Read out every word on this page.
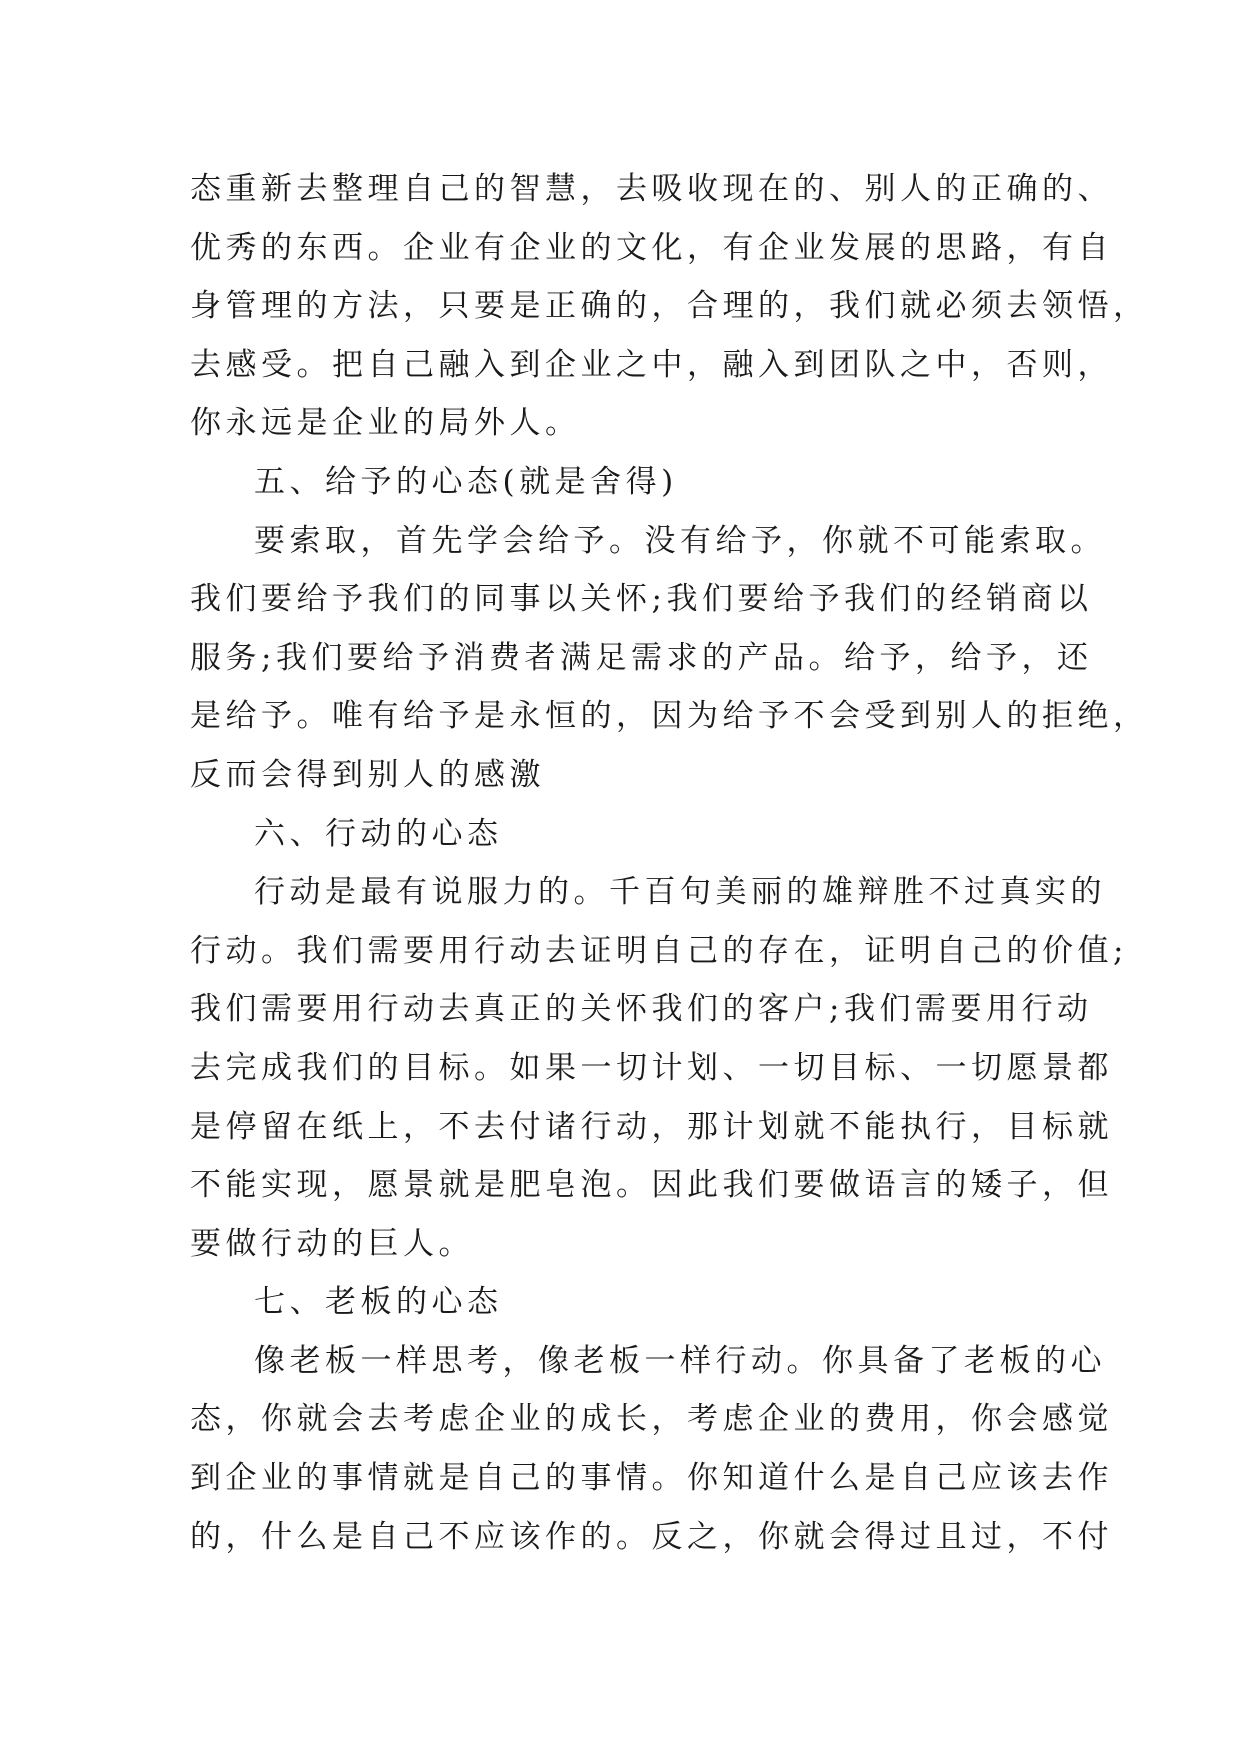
态重新去整理自己的智慧，去吸收现在的、别人的正确的、
优秀的东西。企业有企业的文化，有企业发展的思路，有自
身管理的方法，只要是正确的，合理的，我们就必须去领悟，
去感受。把自己融入到企业之中，融入到团队之中，否则，
你永远是企业的局外人。
五、给予的心态(就是舍得)
要索取，首先学会给予。没有给予，你就不可能索取。
我们要给予我们的同事以关怀;我们要给予我们的经销商以
服务;我们要给予消费者满足需求的产品。给予，给予，还
是给予。唯有给予是永恒的，因为给予不会受到别人的拒绝，
反而会得到别人的感激
六、行动的心态
行动是最有说服力的。千百句美丽的雄辩胜不过真实的
行动。我们需要用行动去证明自己的存在，证明自己的价值;
我们需要用行动去真正的关怀我们的客户;我们需要用行动
去完成我们的目标。如果一切计划、一切目标、一切愿景都
是停留在纸上，不去付诸行动，那计划就不能执行，目标就
不能实现，愿景就是肥皂泡。因此我们要做语言的矮子，但
要做行动的巨人。
七、老板的心态
像老板一样思考，像老板一样行动。你具备了老板的心
态，你就会去考虑企业的成长，考虑企业的费用，你会感觉
到企业的事情就是自己的事情。你知道什么是自己应该去作
的，什么是自己不应该作的。反之，你就会得过且过，不付
